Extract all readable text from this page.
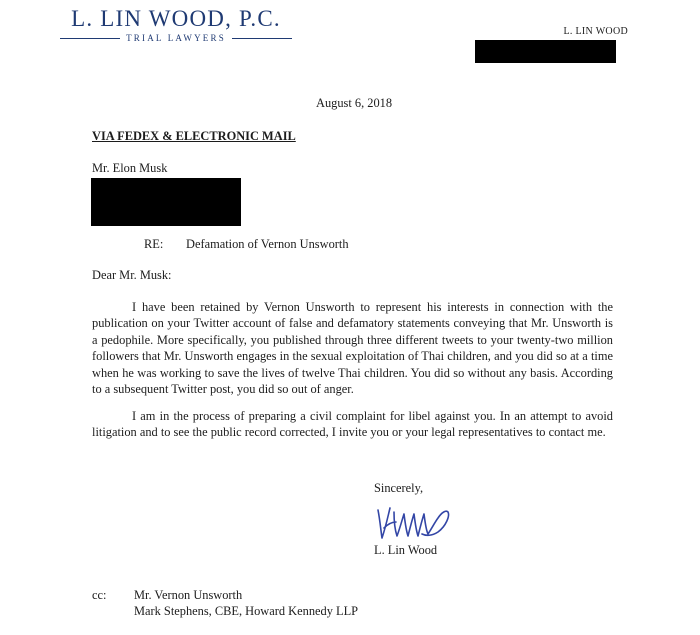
L. LIN WOOD, P.C.
TRIAL LAWYERS
L. LIN WOOD
August 6, 2018
VIA FEDEX & ELECTRONIC MAIL
Mr. Elon Musk
RE: Defamation of Vernon Unsworth
Dear Mr. Musk:
I have been retained by Vernon Unsworth to represent his interests in connection with the publication on your Twitter account of false and defamatory statements conveying that Mr. Unsworth is a pedophile. More specifically, you published through three different tweets to your twenty-two million followers that Mr. Unsworth engages in the sexual exploitation of Thai children, and you did so at a time when he was working to save the lives of twelve Thai children. You did so without any basis. According to a subsequent Twitter post, you did so out of anger.
I am in the process of preparing a civil complaint for libel against you. In an attempt to avoid litigation and to see the public record corrected, I invite you or your legal representatives to contact me.
Sincerely,
L. Lin Wood
cc:	Mr. Vernon Unsworth
Mark Stephens, CBE, Howard Kennedy LLP
